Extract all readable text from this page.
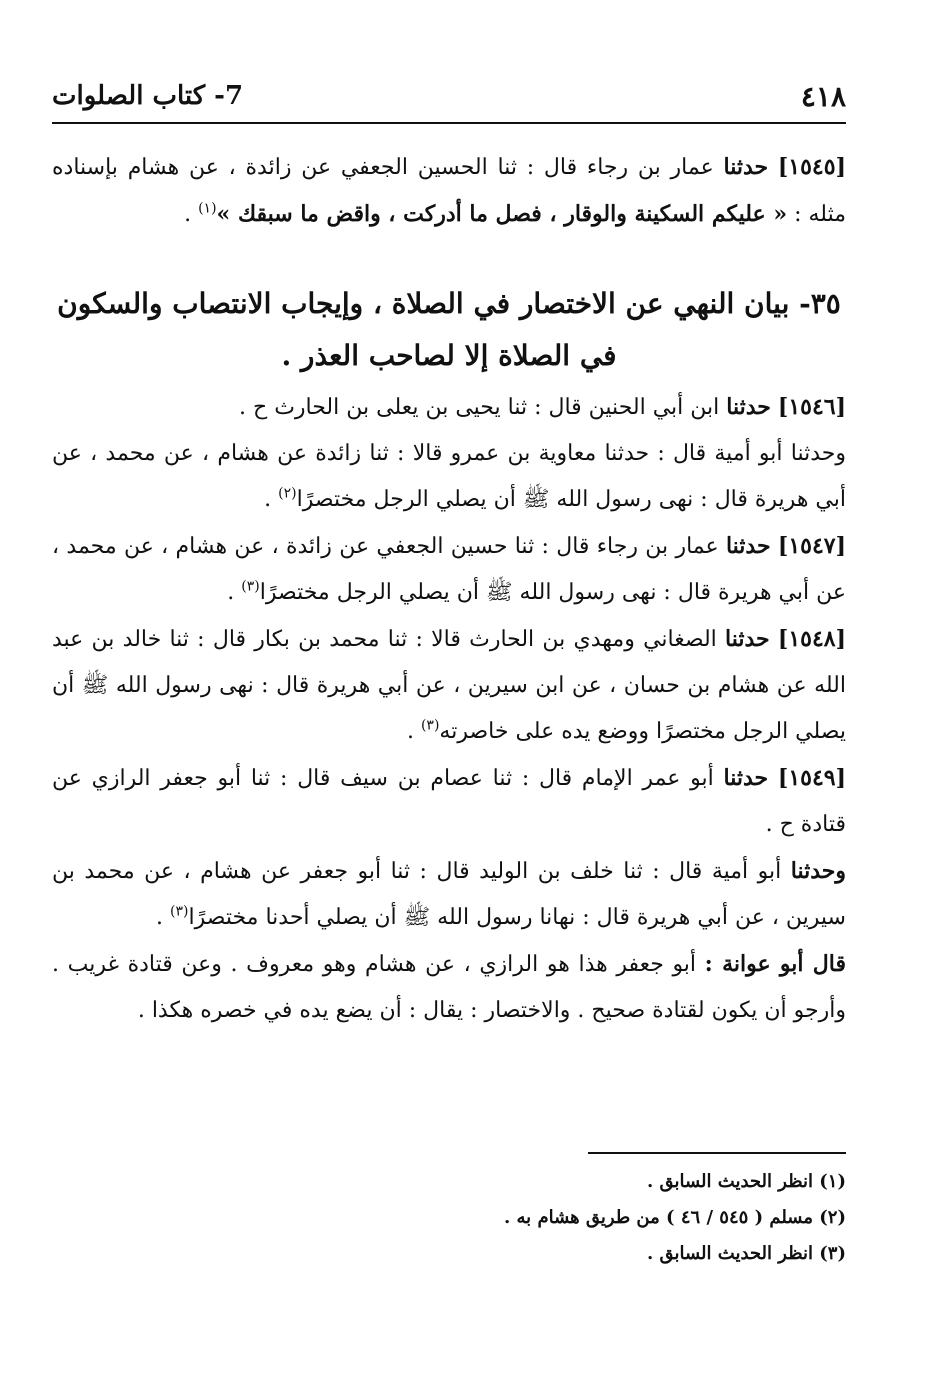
٤١٨
7- كتاب الصلوات

[١٥٤٥] حدثنا عمار بن رجاء قال : ثنا الحسين الجعفي عن زائدة ، عن هشام بإسناده مثله : « عليكم السكينة والوقار ، فصل ما أدركت ، واقض ما سبقك »$^{(١)}$ .

٣٥- بيان النهي عن الاختصار في الصلاة ، وإيجاب الانتصاب والسكون في الصلاة إلا لصاحب العذر .

[١٥٤٦] حدثنا ابن أبي الحنين قال : ثنا يحيى بن يعلى بن الحارث ح .

وحدثنا أبو أمية قال : حدثنا معاوية بن عمرو قالا : ثنا زائدة عن هشام ، عن محمد ، عن أبي هريرة قال : نهى رسول الله ﷺ أن يصلي الرجل مختصرًا$^{(٢)}$ .

[١٥٤٧] حدثنا عمار بن رجاء قال : ثنا حسين الجعفي عن زائدة ، عن هشام ، عن محمد ، عن أبي هريرة قال : نهى رسول الله ﷺ أن يصلي الرجل مختصرًا$^{(٣)}$ .

[١٥٤٨] حدثنا الصغاني ومهدي بن الحارث قالا : ثنا محمد بن بكار قال : ثنا خالد بن عبد الله عن هشام بن حسان ، عن ابن سيرين ، عن أبي هريرة قال : نهى رسول الله ﷺ أن يصلي الرجل مختصرًا ووضع يده على خاصرته$^{(٣)}$ .

[١٥٤٩] حدثنا أبو عمر الإمام قال : ثنا عصام بن سيف قال : ثنا أبو جعفر الرازي عن قتادة ح .

وحدثنا أبو أمية قال : ثنا خلف بن الوليد قال : ثنا أبو جعفر عن هشام ، عن محمد بن سيرين ، عن أبي هريرة قال : نهانا رسول الله ﷺ أن يصلي أحدنا مختصرًا$^{(٣)}$ .

قال أبو عوانة : أبو جعفر هذا هو الرازي ، عن هشام وهو معروف . وعن قتادة غريب . وأرجو أن يكون لقتادة صحيح . والاختصار : يقال : أن يضع يده في خصره هكذا .

(١) انظر الحديث السابق .

(٢) مسلم ( ٥٤٥ / ٤٦ ) من طريق هشام به .

(٣) انظر الحديث السابق .
